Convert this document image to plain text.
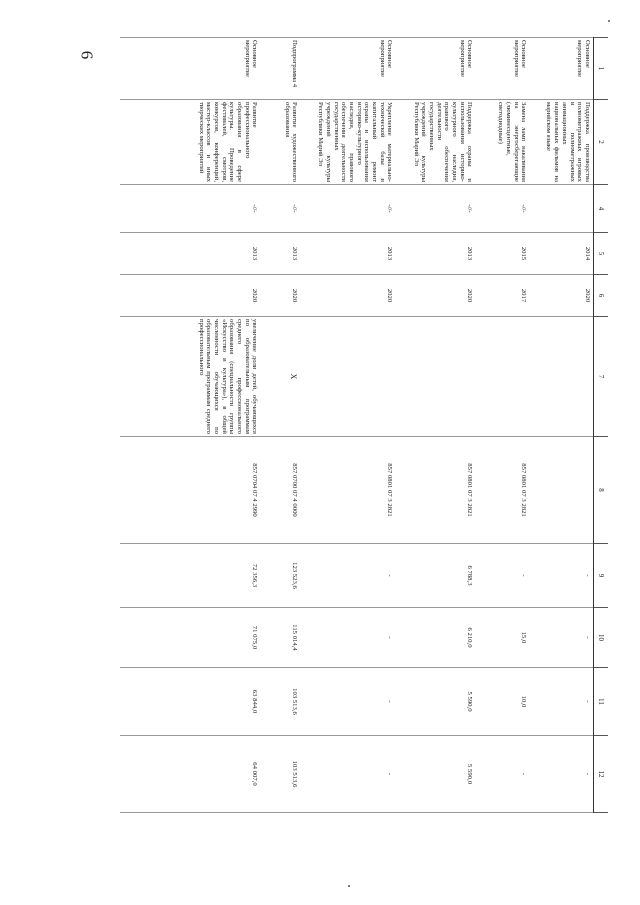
6
1	2	4	5	6	7	8	9	10	11	12
Основное мероприятие	Поддержка производства полнометражных игровых и полнометражных анимационных национальных фильмов на марийском языке		2014	2020			-	-	-	-
Основное мероприятие	Замена ламп накаливания на энергосберегающие (люминесцентные, светодиодные)	-//-	2015	2017		857 0801 07 3 2821	-	15,0	10,0	-
Основное мероприятие	Поддержка охраны и использования историко-культурного наследия, правового обеспечения деятельности государственных учреждений культуры Республики Марий Эл	-//-	2013	2020		857 0801 07 3 2821	6 788,3	6 210,0	5 590,0	5 590,0
Основное мероприятие	Укрепление материально-технической базы и капитальный ремонт охраны и использования историко-культурного наследия, правового обеспечения деятельности государственных учреждений культуры Республики Марий Эл	-//-	2013	2020		857 0801 07 3 2821	-	-	-	-
Подпрограмма 4	Развитие художественного образования	-//-	2013	2020	X	857 0700 07 4 0000	123 523,6	115 014,4	103 513,6	103 513,6
Основное мероприятие	Развитие профессионального образования в сфере культуры. Проведение фестивалей, смотров, конкурсов, конференций, мастер-классов и иных творческих мероприятий	-//-	2013	2020	увеличение доли детей, обучающихся по образовательным программам среднего профессионального образования (специальности группы «Искусство и культура»), в общей численности обучающихся по образовательным программам среднего профессионального	857 0704 07 4 2990	72 356,3	71 075,0	63 844,0	64 007,0
